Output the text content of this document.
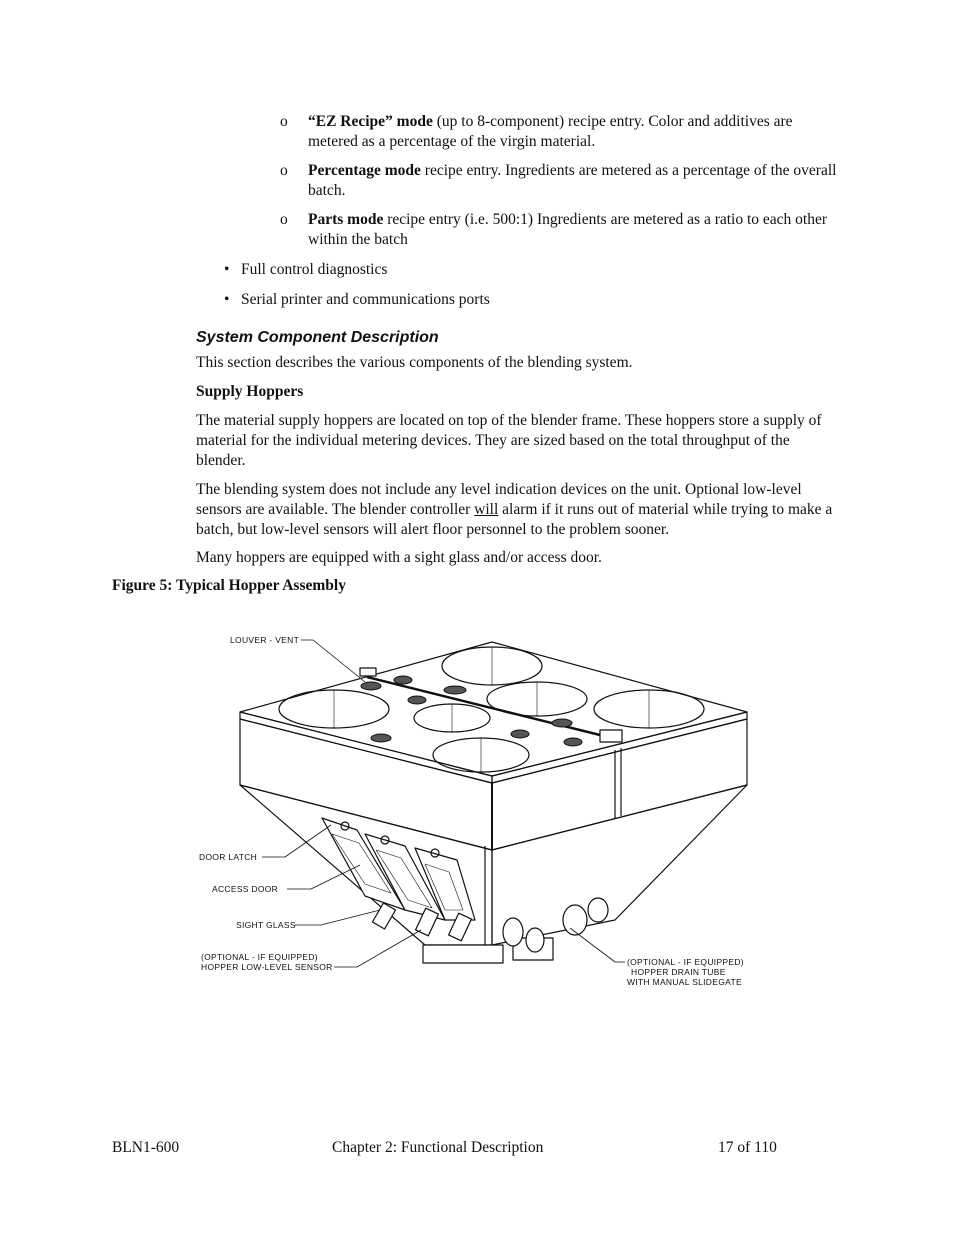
o “EZ Recipe” mode (up to 8-component) recipe entry. Color and additives are metered as a percentage of the virgin material.
o Percentage mode recipe entry. Ingredients are metered as a percentage of the overall batch.
o Parts mode recipe entry (i.e. 500:1) Ingredients are metered as a ratio to each other within the batch
• Full control diagnostics
• Serial printer and communications ports
System Component Description
This section describes the various components of the blending system.
Supply Hoppers
The material supply hoppers are located on top of the blender frame. These hoppers store a supply of material for the individual metering devices. They are sized based on the total throughput of the blender.
The blending system does not include any level indication devices on the unit. Optional low-level sensors are available. The blender controller will alarm if it runs out of material while trying to make a batch, but low-level sensors will alert floor personnel to the problem sooner.
Many hoppers are equipped with a sight glass and/or access door.
Figure 5: Typical Hopper Assembly
LOUVER - VENT
DOOR LATCH
ACCESS DOOR
SIGHT GLASS
(OPTIONAL - IF EQUIPPED)
HOPPER LOW-LEVEL SENSOR	(OPTIONAL - IF EQUIPPED)
HOPPER DRAIN TUBE
WITH MANUAL SLIDEGATE
BLN1-600	Chapter 2: Functional Description	17 of 110
